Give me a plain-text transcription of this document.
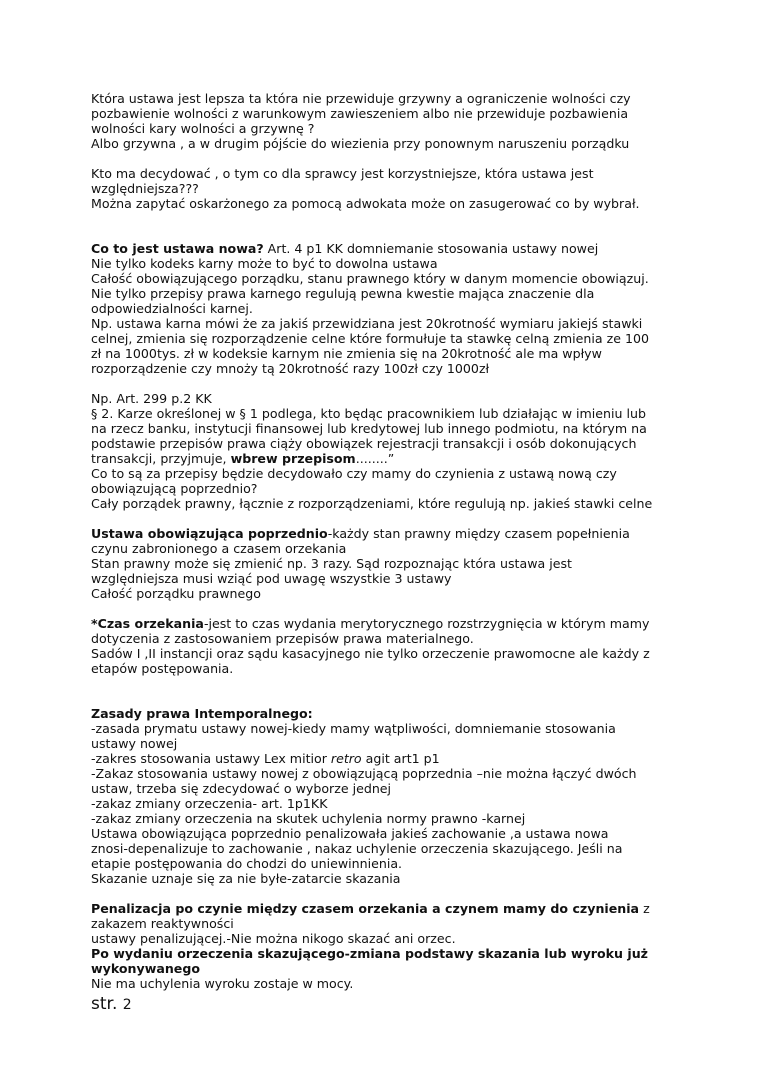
Która ustawa jest lepsza ta która nie przewiduje grzywny a ograniczenie wolności czy

pozbawienie wolności z warunkowym zawieszeniem albo nie przewiduje pozbawienia

wolności kary wolności a grzywnę ?

Albo grzywna , a w drugim pójście do wiezienia przy ponownym naruszeniu porządku

Kto ma decydować , o tym co dla sprawcy jest korzystniejsze, która ustawa jest

względniejsza???

Można zapytać oskarżonego za pomocą adwokata może on zasugerować co by wybrał.

Co to jest ustawa nowa? Art. 4 p1 KK domniemanie stosowania ustawy nowej

Nie tylko kodeks karny może to być to dowolna ustawa

Całość obowiązującego porządku, stanu prawnego który w danym momencie obowiązuj.

Nie tylko przepisy prawa karnego regulują pewna kwestie mająca znaczenie dla

odpowiedzialności karnej.

Np. ustawa karna mówi że za jakiś przewidziana jest 20krotność wymiaru jakiejś stawki

celnej, zmienia się rozporządzenie celne które formułuje ta stawkę celną zmienia ze 100

zł na 1000tys. zł w kodeksie karnym nie zmienia się na 20krotność ale ma wpływ

rozporządzenie czy mnoży tą 20krotność razy 100zł czy 1000zł

Np. Art. 299 p.2 KK

§ 2. Karze określonej w § 1 podlega, kto będąc pracownikiem lub działając w imieniu lub

na rzecz banku, instytucji finansowej lub kredytowej lub innego podmiotu, na którym na

podstawie przepisów prawa ciąży obowiązek rejestracji transakcji i osób dokonujących

transakcji, przyjmuje, wbrew przepisom........”

Co to są za przepisy będzie decydowało czy mamy do czynienia z ustawą nową czy

obowiązującą poprzednio?

Cały porządek prawny, łącznie z rozporządzeniami, które regulują np. jakieś stawki celne

Ustawa obowiązująca poprzednio-każdy stan prawny między czasem popełnienia

czynu zabronionego a czasem orzekania

Stan prawny może się zmienić np. 3 razy. Sąd rozpoznając która ustawa jest

względniejsza musi wziąć pod uwagę wszystkie 3 ustawy

Całość porządku prawnego

*Czas orzekania-jest to czas wydania merytorycznego rozstrzygnięcia w którym mamy

dotyczenia z zastosowaniem przepisów prawa materialnego.

Sadów I ,II instancji oraz sądu kasacyjnego nie tylko orzeczenie prawomocne ale każdy z

etapów postępowania.

Zasady prawa Intemporalnego:

-zasada prymatu ustawy nowej-kiedy mamy wątpliwości, domniemanie stosowania

ustawy nowej

-zakres stosowania ustawy Lex mitior retro agit art1 p1

-Zakaz stosowania ustawy nowej z obowiązującą poprzednia –nie można łączyć dwóch

ustaw, trzeba się zdecydować o wyborze jednej

-zakaz zmiany orzeczenia- art. 1p1KK

-zakaz zmiany orzeczenia na skutek uchylenia normy prawno -karnej

Ustawa obowiązująca poprzednio penalizowała jakieś zachowanie ,a ustawa nowa

znosi-depenalizuje to zachowanie , nakaz uchylenie orzeczenia skazującego. Jeśli na

etapie postępowania do chodzi do uniewinnienia.

Skazanie uznaje się za nie byłe-zatarcie skazania

Penalizacja po czynie między czasem orzekania a czynem mamy do czynienia z

zakazem reaktywności

ustawy penalizującej.-Nie można nikogo skazać ani orzec.

Po wydaniu orzeczenia skazującego-zmiana podstawy skazania lub wyroku już

wykonywanego

Nie ma uchylenia wyroku zostaje w mocy.

str. 2
